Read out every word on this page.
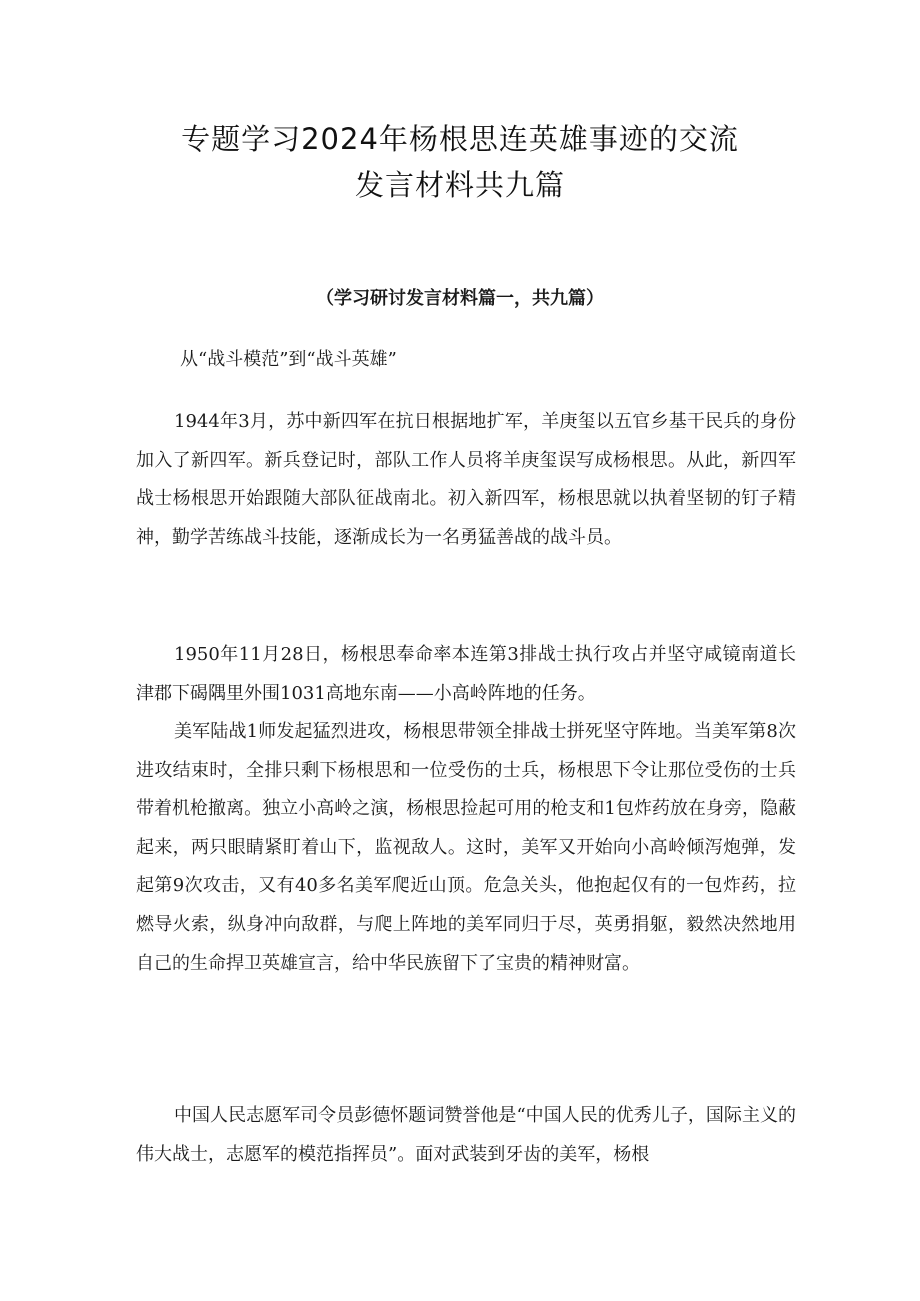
专题学习2024年杨根思连英雄事迹的交流
发言材料共九篇
（学习研讨发言材料篇一，共九篇）
从“战斗模范”到“战斗英雄”

1944年3月，苏中新四军在抗日根据地扩军，羊庚玺以五官乡基干民兵的身份加入了新四军。新兵登记时，部队工作人员将羊庚玺误写成杨根思。从此，新四军战士杨根思开始跟随大部队征战南北。初入新四军，杨根思就以执着坚韧的钉子精神，勤学苦练战斗技能，逐渐成长为一名勇猛善战的战斗员。

1950年11月28日，杨根思奉命率本连第3排战士执行攻占并坚守咸镜南道长津郡下碣隅里外围1031高地东南——小高岭阵地的任务。

美军陆战1师发起猛烈进攻，杨根思带领全排战士拼死坚守阵地。当美军第8次进攻结束时，全排只剩下杨根思和一位受伤的士兵，杨根思下令让那位受伤的士兵带着机枪撤离。独立小高岭之演，杨根思捡起可用的枪支和1包炸药放在身旁，隐蔽起来，两只眼睛紧盯着山下，监视敌人。这时，美军又开始向小高岭倾泻炮弹，发起第9次攻击，又有40多名美军爬近山顶。危急关头，他抱起仅有的一包炸药，拉燃导火索，纵身冲向敌群，与爬上阵地的美军同归于尽，英勇捐躯，毅然决然地用自己的生命捍卫英雄宣言，给中华民族留下了宝贵的精神财富。

中国人民志愿军司令员彭德怀题词赞誉他是“中国人民的优秀儿子，国际主义的伟大战士，志愿军的模范指挥员”。面对武装到牙齿的美军，杨根
